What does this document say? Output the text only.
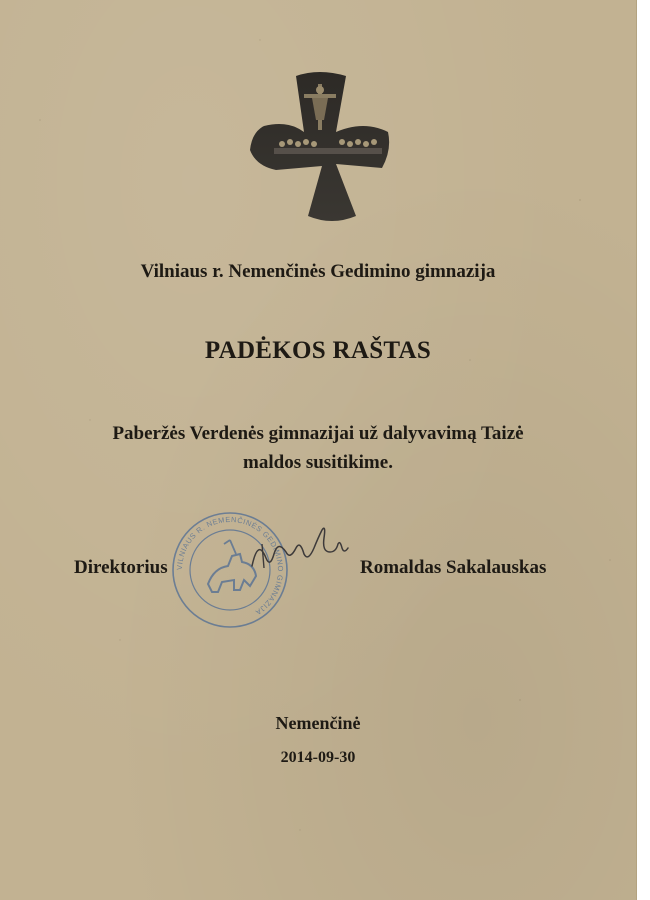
Vilniaus r. Nemenčinės Gedimino gimnazija
PADĖKOS RAŠTAS
Paberžės Verdenės gimnazijai už dalyvavimą Taizė
maldos susitikime.
VILNIAUS R. NEMENČINĖS GEDIMINO GIMNAZIJA
Direktorius	Romaldas Sakalauskas
Nemenčinė
2014-09-30
